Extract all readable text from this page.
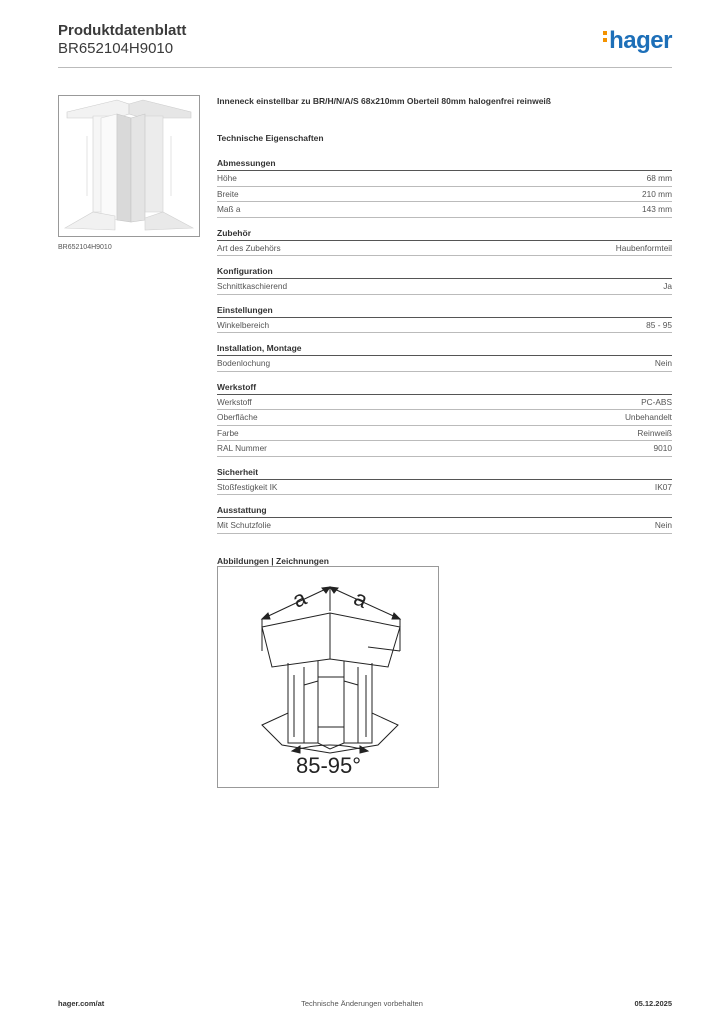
Produktdatenblatt
BR652104H9010	hager
BR652104H9010
Inneneck einstellbar zu BR/H/N/A/S 68x210mm Oberteil 80mm halogenfrei reinweiß
Technische Eigenschaften
Abmessungen
Höhe	68 mm
Breite	210 mm
Maß a	143 mm
Zubehör
Art des Zubehörs	Haubenformteil
Konfiguration
Schnittkaschierend	Ja
Einstellungen
Winkelbereich	85 - 95
Installation, Montage
Bodenlochung	Nein
Werkstoff
Werkstoff	PC-ABS
Oberfläche	Unbehandelt
Farbe	Reinweiß
RAL Nummer	9010
Sicherheit
Stoßfestigkeit IK	IK07
Ausstattung
Mit Schutzfolie	Nein
Abbildungen | Zeichnungen
a a
85-95°
hager.com/at	Technische Änderungen vorbehalten	05.12.2025
